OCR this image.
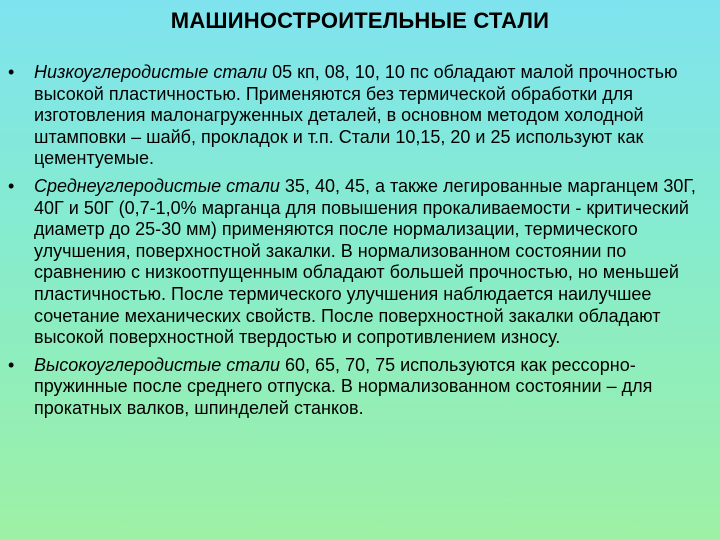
МАШИНОСТРОИТЕЛЬНЫЕ СТАЛИ
•	Низкоуглеродистые стали 05 кп, 08, 10, 10 пс обладают малой прочностью высокой пластичностью. Применяются без термической обработки для изготовления малонагруженных деталей, в основном методом холодной штамповки – шайб, прокладок и т.п. Стали 10,15, 20 и 25 используют как цементуемые.
•	Среднеуглеродистые стали 35, 40, 45, а также легированные марганцем 30Г, 40Г и 50Г (0,7-1,0% марганца для повышения прокаливаемости - критический диаметр до 25-30 мм) применяются после нормализации, термического улучшения, поверхностной закалки. В нормализованном состоянии по сравнению с низкоотпущенным обладают большей прочностью, но меньшей пластичностью. После термического улучшения наблюдается наилучшее сочетание механических свойств. После поверхностной закалки обладают высокой поверхностной твердостью и сопротивлением износу.
•	Высокоуглеродистые стали 60, 65, 70, 75 используются как рессорно-пружинные после среднего отпуска. В нормализованном состоянии – для прокатных валков, шпинделей станков.
